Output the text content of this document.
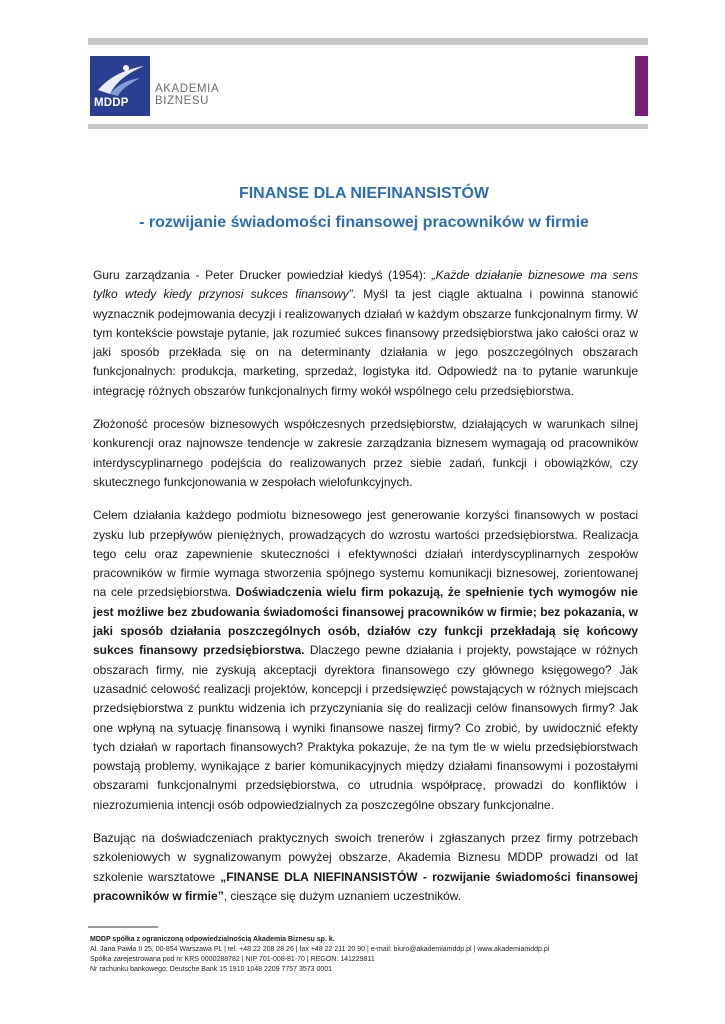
MDDP
AKADEMIA
BIZNESU
FINANSE DLA NIEFINANSISTÓW
- rozwijanie świadomości finansowej pracowników w firmie

Guru zarządzania - Peter Drucker powiedział kiedyś (1954): „Każde działanie biznesowe ma sens tylko wtedy kiedy przynosi sukces finansowy”. Myśl ta jest ciągle aktualna i powinna stanowić wyznacznik podejmowania decyzji i realizowanych działań w każdym obszarze funkcjonalnym firmy. W tym kontekście powstaje pytanie, jak rozumieć sukces finansowy przedsiębiorstwa jako całości oraz w jaki sposób przekłada się on na determinanty działania w jego poszczególnych obszarach funkcjonalnych: produkcja, marketing, sprzedaż, logistyka itd. Odpowiedź na to pytanie warunkuje integrację różnych obszarów funkcjonalnych firmy wokół wspólnego celu przedsiębiorstwa.

Złożoność procesów biznesowych współczesnych przedsiębiorstw, działających w warunkach silnej konkurencji oraz najnowsze tendencje w zakresie zarządzania biznesem wymagają od pracowników interdyscyplinarnego podejścia do realizowanych przez siebie zadań, funkcji i obowiązków, czy skutecznego funkcjonowania w zespołach wielofunkcyjnych.

Celem działania każdego podmiotu biznesowego jest generowanie korzyści finansowych w postaci zysku lub przepływów pieniężnych, prowadzących do wzrostu wartości przedsiębiorstwa. Realizacja tego celu oraz zapewnienie skuteczności i efektywności działań interdyscyplinarnych zespołów pracowników w firmie wymaga stworzenia spójnego systemu komunikacji biznesowej, zorientowanej na cele przedsiębiorstwa. Doświadczenia wielu firm pokazują, że spełnienie tych wymogów nie jest możliwe bez zbudowania świadomości finansowej pracowników w firmie; bez pokazania, w jaki sposób działania poszczególnych osób, działów czy funkcji przekładają się końcowy sukces finansowy przedsiębiorstwa. Dlaczego pewne działania i projekty, powstające w różnych obszarach firmy, nie zyskują akceptacji dyrektora finansowego czy głównego księgowego? Jak uzasadnić celowość realizacji projektów, koncepcji i przedsięwzięć powstających w różnych miejscach przedsiębiorstwa z punktu widzenia ich przyczyniania się do realizacji celów finansowych firmy? Jak one wpłyną na sytuację finansową i wyniki finansowe naszej firmy? Co zrobić, by uwidocznić efekty tych działań w raportach finansowych? Praktyka pokazuje, że na tym tle w wielu przedsiębiorstwach powstają problemy, wynikające z barier komunikacyjnych między działami finansowymi i pozostałymi obszarami funkcjonalnymi przedsiębiorstwa, co utrudnia współpracę, prowadzi do konfliktów i niezrozumienia intencji osób odpowiedzialnych za poszczególne obszary funkcjonalne.

Bazując na doświadczeniach praktycznych swoich trenerów i zgłaszanych przez firmy potrzebach szkoleniowych w sygnalizowanym powyżej obszarze, Akademia Biznesu MDDP prowadzi od lat szkolenie warsztatowe „FINANSE DLA NIEFINANSISTÓW - rozwijanie świadomości finansowej pracowników w firmie”, cieszące się dużym uznaniem uczestników.

MDDP spółka z ograniczoną odpowiedzialnością Akademia Biznesu sp. k.
Al. Jana Pawła II 25, 00-854 Warszawa PL | tel. +48 22 208 28 26 | fax +48 22 211 20 90 | e-mail: biuro@akademiamddp.pl | www.akademiamddp.pl
Spółka zarejestrowana pod nr KRS 0000288782 | NIP 701-008-81-70 | REGON: 141229811
Nr rachunku bankowego: Deutsche Bank 15 1910 1048 2209 7757 3573 0001
